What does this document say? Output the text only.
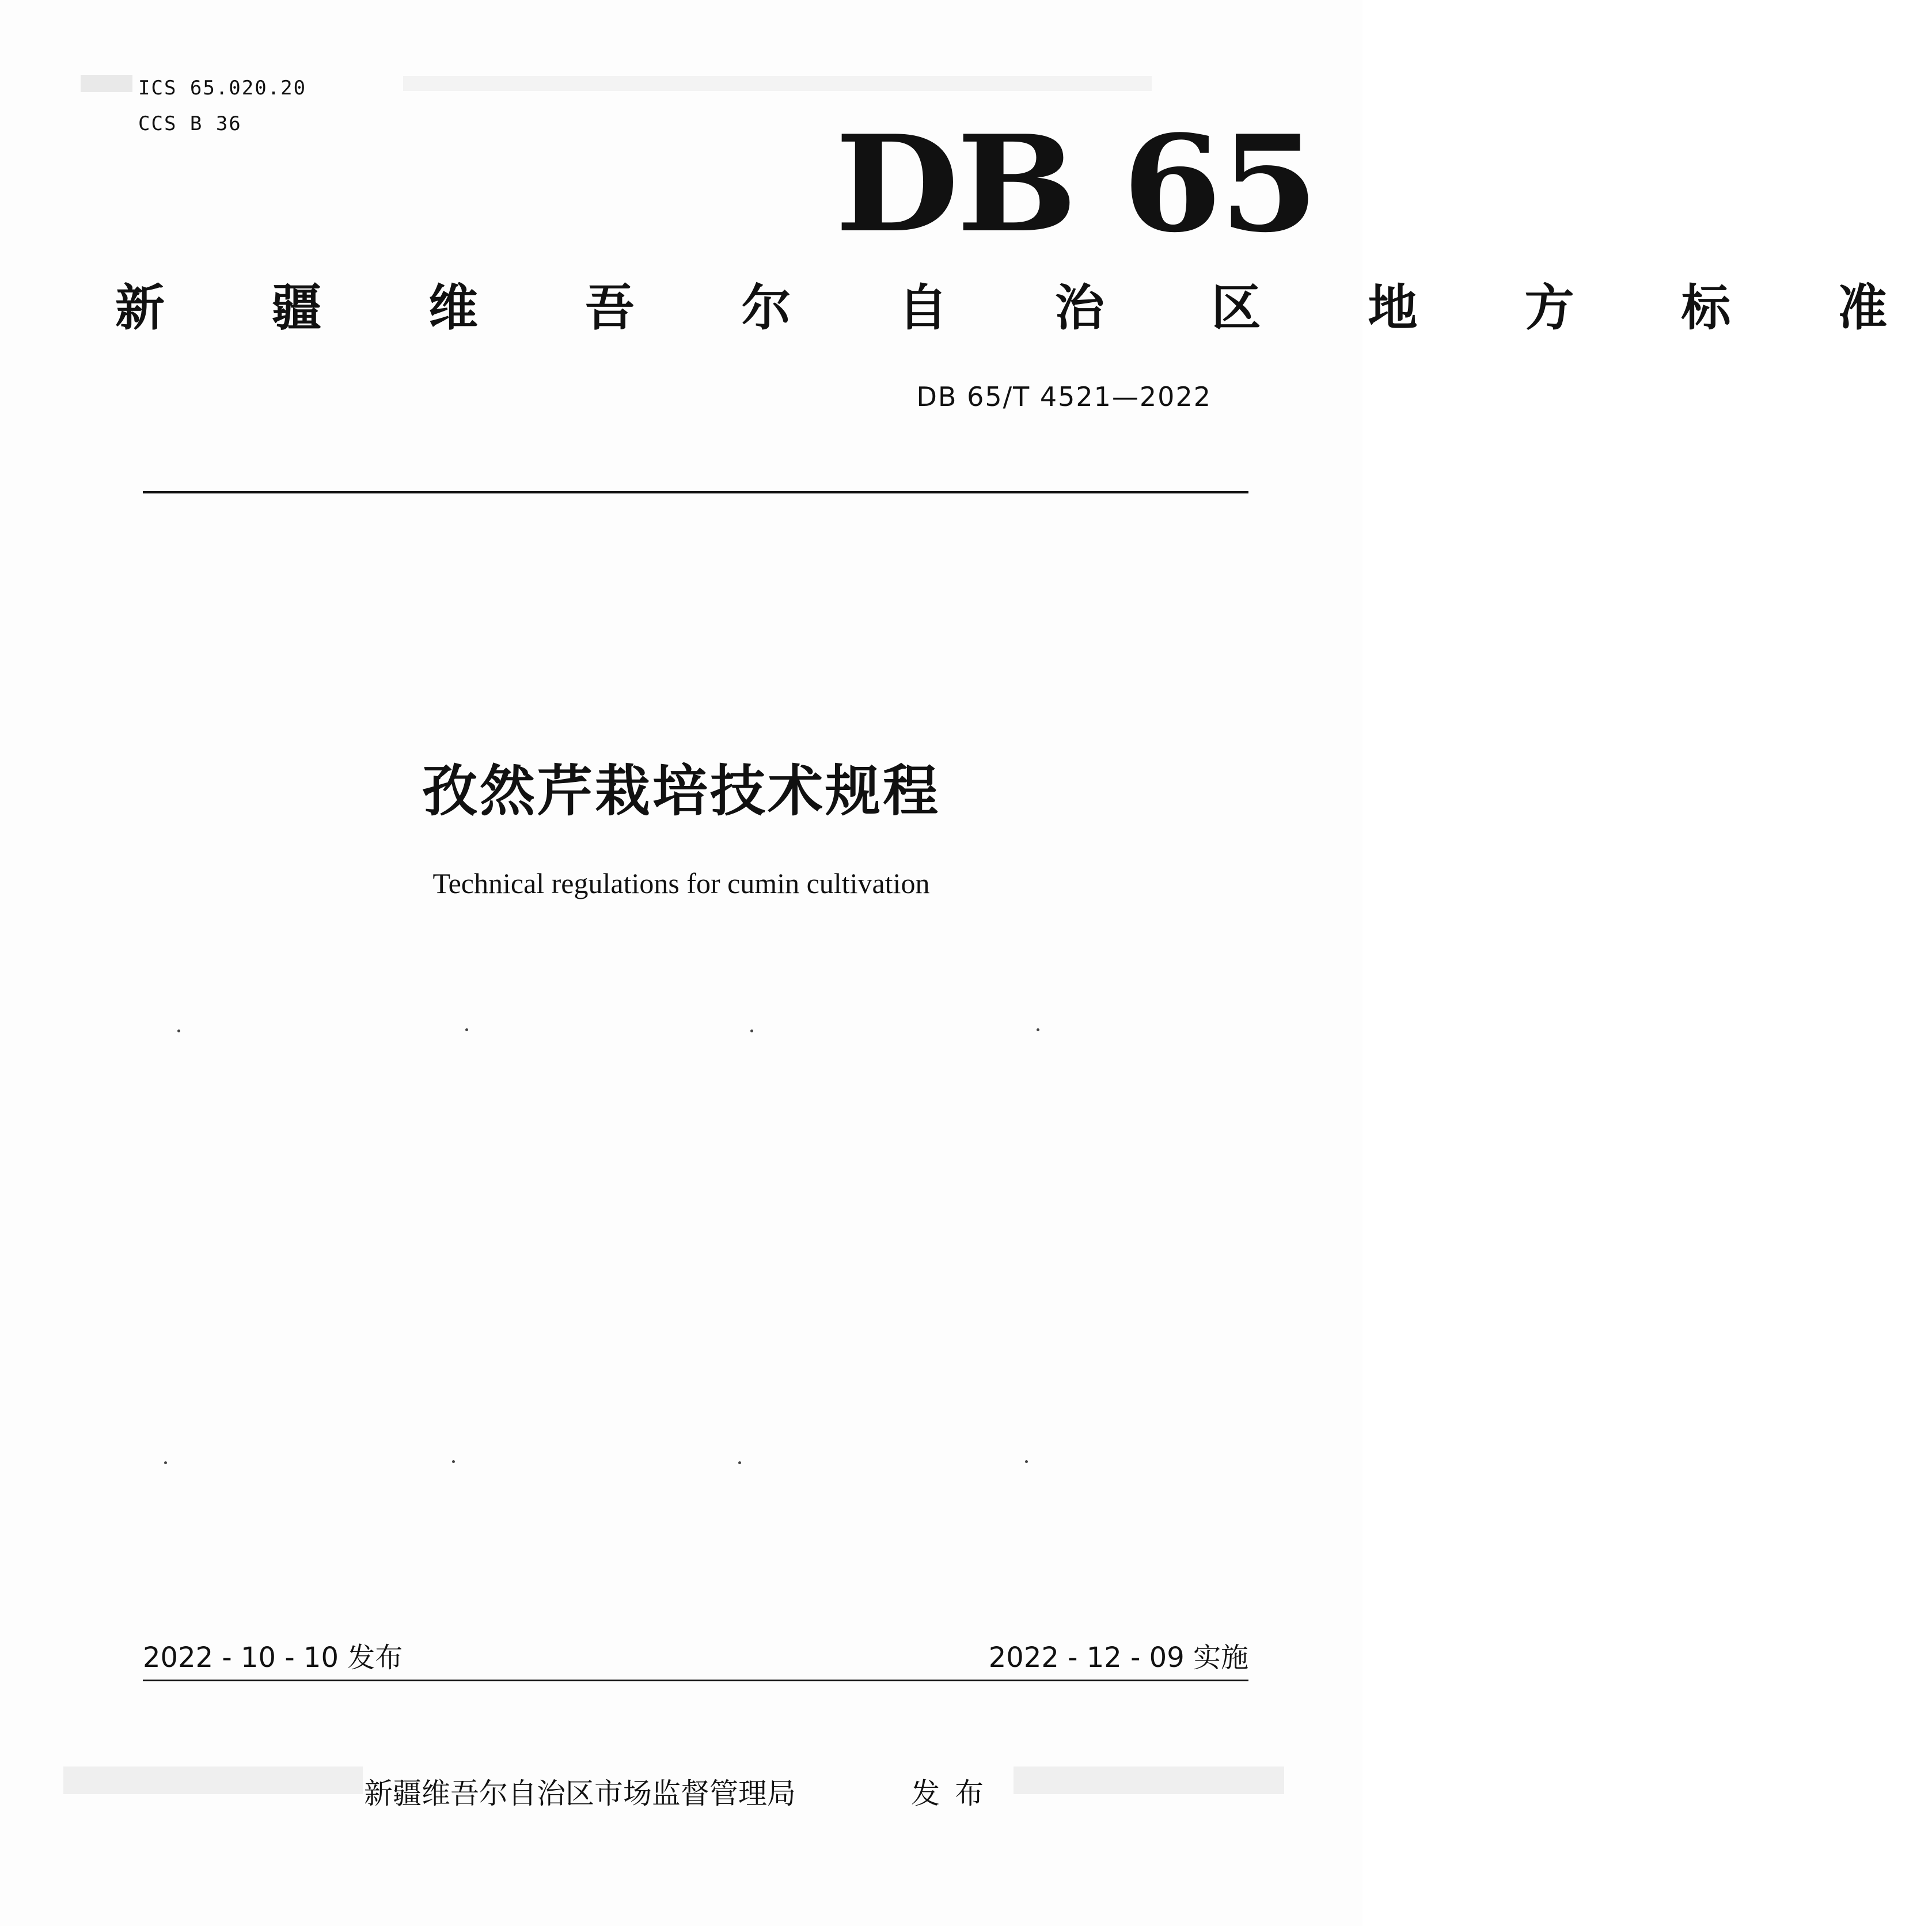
ICS 65.020.20
CCS B 36	DB 65
新 疆 维 吾 尔 自 治 区 地 方 标 准
DB 65/T 4521—2022
孜然芹栽培技术规程
Technical regulations for cumin cultivation
2022 - 10 - 10 发布	2022 - 12 - 09 实施
新疆维吾尔自治区市场监督管理局	发布
